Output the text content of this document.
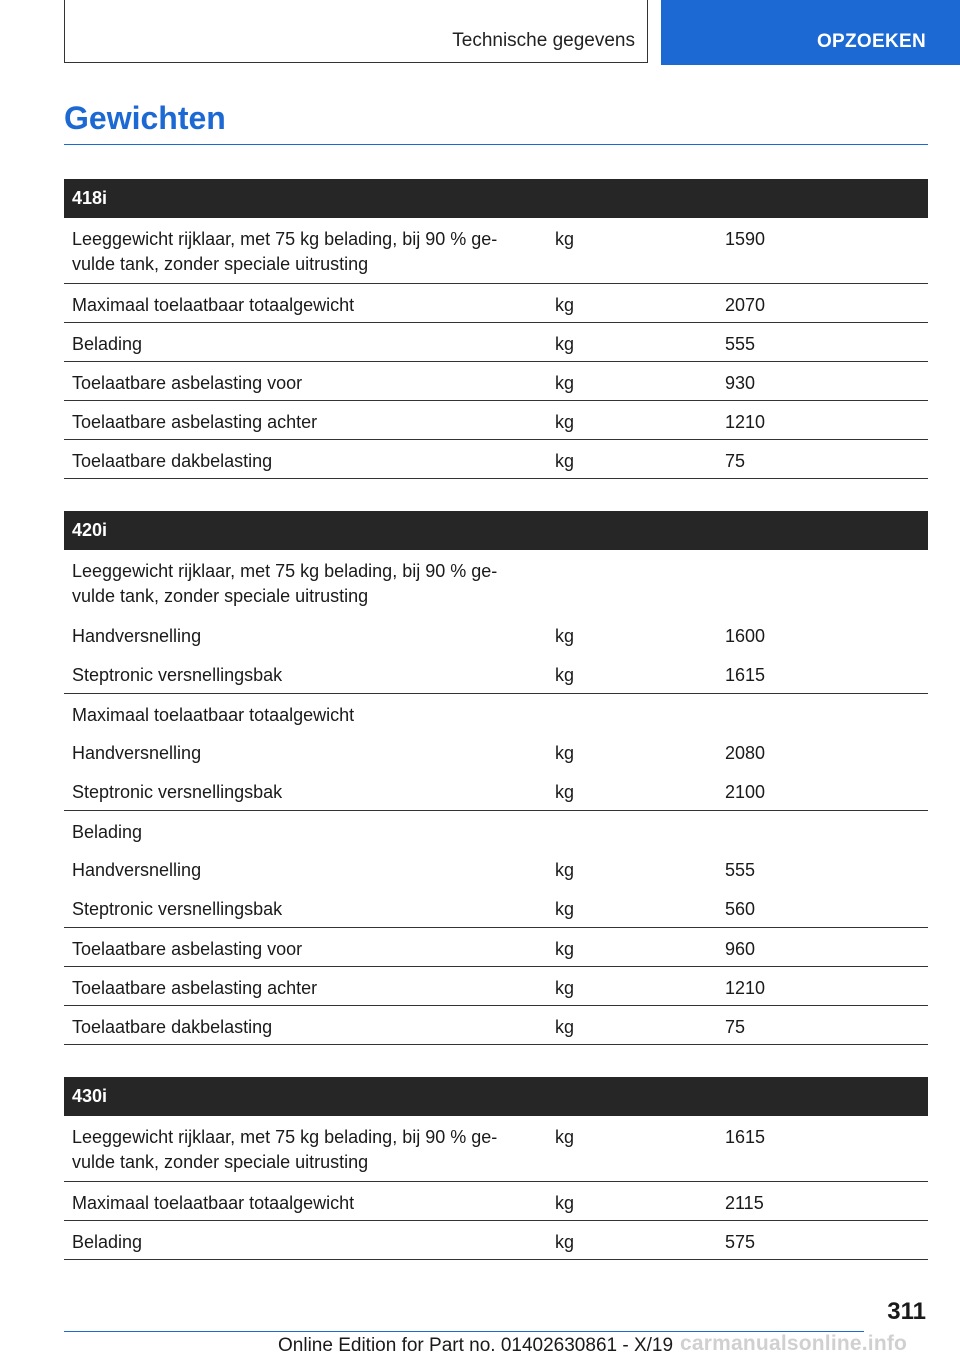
Technische gegevens	OPZOEKEN
Gewichten
418i		
Leeggewicht rijklaar, met 75 kg belading, bij 90 % ge-
vulde tank, zonder speciale uitrusting	kg	1590
Maximaal toelaatbaar totaalgewicht	kg	2070
Belading	kg	555
Toelaatbare asbelasting voor	kg	930
Toelaatbare asbelasting achter	kg	1210
Toelaatbare dakbelasting	kg	75
420i		
Leeggewicht rijklaar, met 75 kg belading, bij 90 % ge-
vulde tank, zonder speciale uitrusting		
Handversnelling	kg	1600
Steptronic versnellingsbak	kg	1615
Maximaal toelaatbaar totaalgewicht		
Handversnelling	kg	2080
Steptronic versnellingsbak	kg	2100
Belading		
Handversnelling	kg	555
Steptronic versnellingsbak	kg	560
Toelaatbare asbelasting voor	kg	960
Toelaatbare asbelasting achter	kg	1210
Toelaatbare dakbelasting	kg	75
430i		
Leeggewicht rijklaar, met 75 kg belading, bij 90 % ge-
vulde tank, zonder speciale uitrusting	kg	1615
Maximaal toelaatbaar totaalgewicht	kg	2115
Belading	kg	575
311
Online Edition for Part no. 01402630861 - X/19 carmanualsonline.info
